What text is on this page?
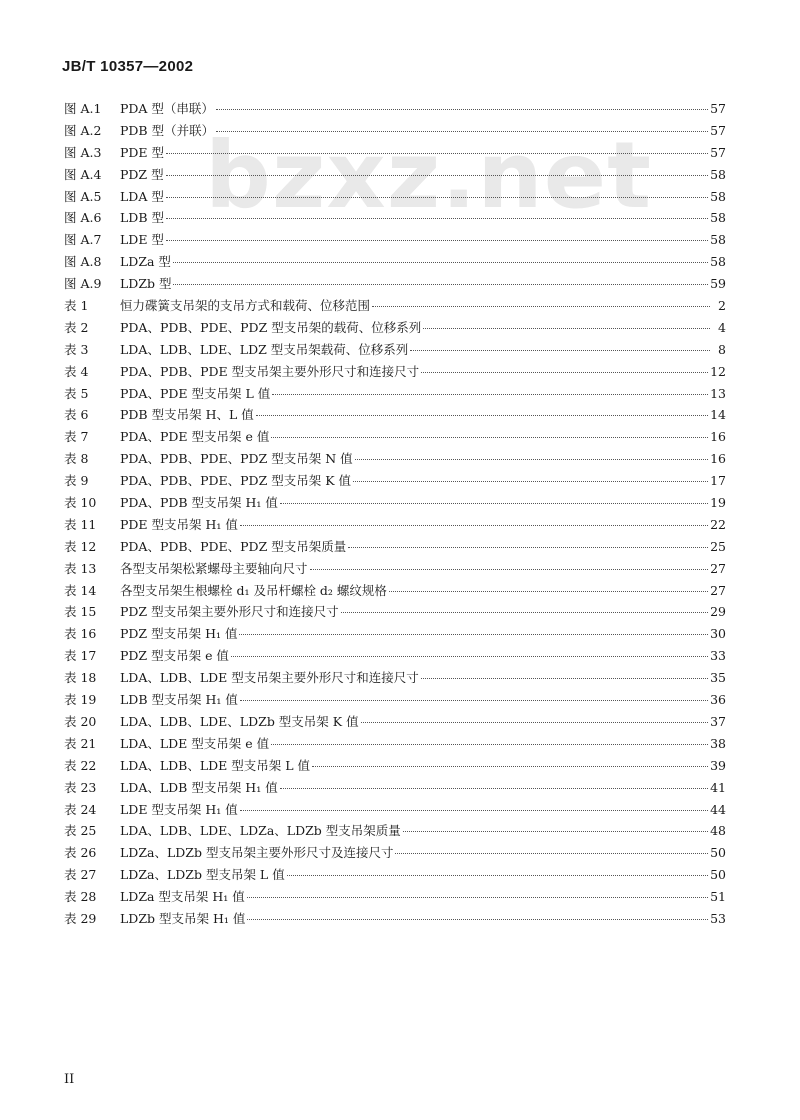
JB/T 10357—2002
bzxz.net
图 A.1	PDA 型（串联）	57
图 A.2	PDB 型（并联）	57
图 A.3	PDE 型	57
图 A.4	PDZ 型	58
图 A.5	LDA 型	58
图 A.6	LDB 型	58
图 A.7	LDE 型	58
图 A.8	LDZa 型	58
图 A.9	LDZb 型	59
表 1	恒力碟簧支吊架的支吊方式和载荷、位移范围	2
表 2	PDA、PDB、PDE、PDZ 型支吊架的载荷、位移系列	4
表 3	LDA、LDB、LDE、LDZ 型支吊架载荷、位移系列	8
表 4	PDA、PDB、PDE 型支吊架主要外形尺寸和连接尺寸	12
表 5	PDA、PDE 型支吊架 L 值	13
表 6	PDB 型支吊架 H、L 值	14
表 7	PDA、PDE 型支吊架 e 值	16
表 8	PDA、PDB、PDE、PDZ 型支吊架 N 值	16
表 9	PDA、PDB、PDE、PDZ 型支吊架 K 值	17
表 10	PDA、PDB 型支吊架 H₁ 值	19
表 11	PDE 型支吊架 H₁ 值	22
表 12	PDA、PDB、PDE、PDZ 型支吊架质量	25
表 13	各型支吊架松紧螺母主要轴向尺寸	27
表 14	各型支吊架生根螺栓 d₁ 及吊杆螺栓 d₂ 螺纹规格	27
表 15	PDZ 型支吊架主要外形尺寸和连接尺寸	29
表 16	PDZ 型支吊架 H₁ 值	30
表 17	PDZ 型支吊架 e 值	33
表 18	LDA、LDB、LDE 型支吊架主要外形尺寸和连接尺寸	35
表 19	LDB 型支吊架 H₁ 值	36
表 20	LDA、LDB、LDE、LDZb 型支吊架 K 值	37
表 21	LDA、LDE 型支吊架 e 值	38
表 22	LDA、LDB、LDE 型支吊架 L 值	39
表 23	LDA、LDB 型支吊架 H₁ 值	41
表 24	LDE 型支吊架 H₁ 值	44
表 25	LDA、LDB、LDE、LDZa、LDZb 型支吊架质量	48
表 26	LDZa、LDZb 型支吊架主要外形尺寸及连接尺寸	50
表 27	LDZa、LDZb 型支吊架 L 值	50
表 28	LDZa 型支吊架 H₁ 值	51
表 29	LDZb 型支吊架 H₁ 值	53
II
